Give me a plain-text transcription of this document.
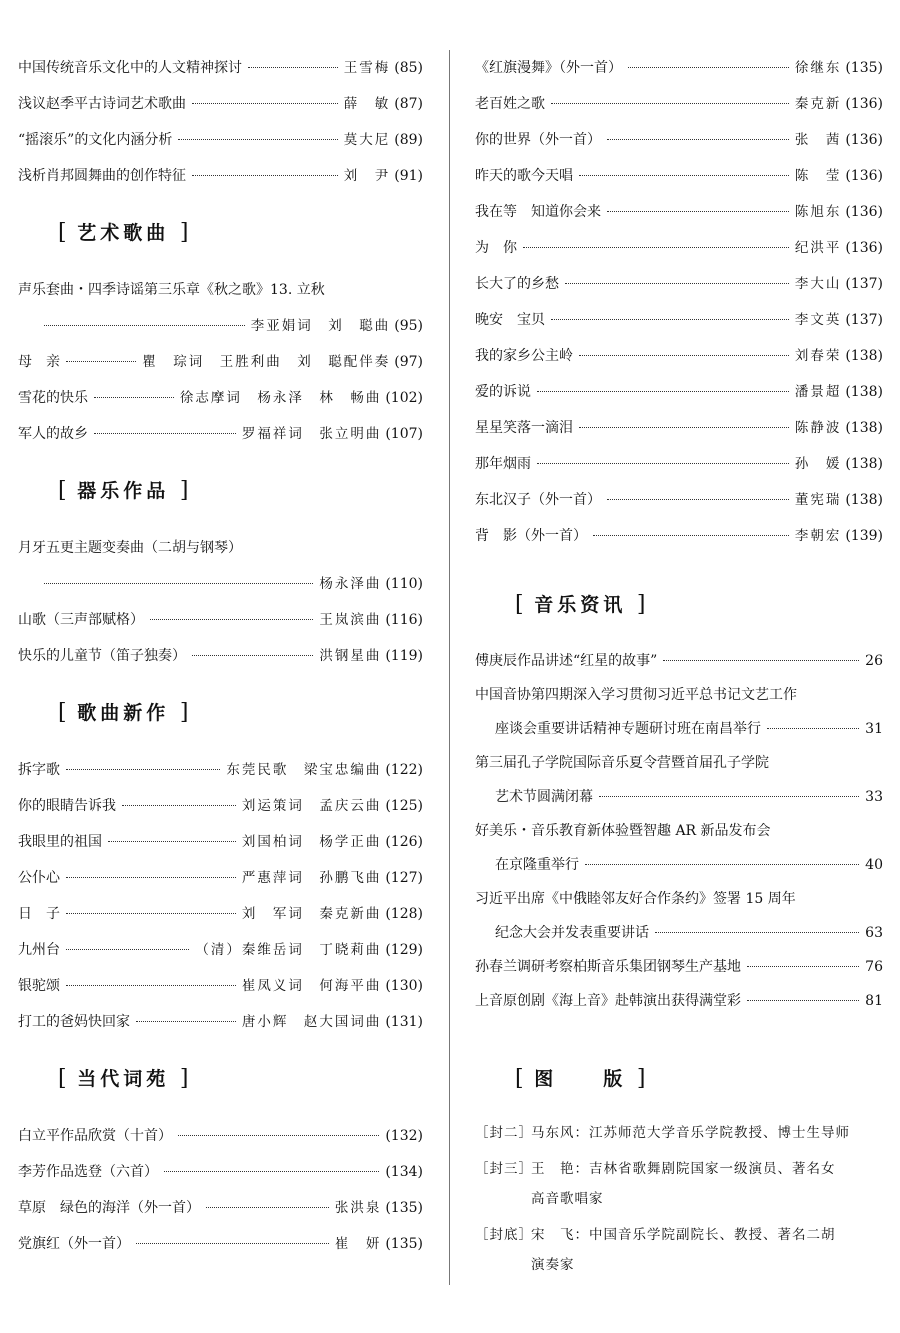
中国传统音乐文化中的人文精神探讨	王雪梅 (85)
浅议赵季平古诗词艺术歌曲	薛　敏 (87)
“摇滚乐”的文化内涵分析	莫大尼 (89)
浅析肖邦圆舞曲的创作特征	刘　尹 (91)
[ 艺术歌曲 ]
声乐套曲・四季诗谣第三乐章《秋之歌》13. 立秋
李亚娟词　刘　聪曲 (95)
母　亲	瞿　琮词　王胜利曲　刘　聪配伴奏 (97)
雪花的快乐	徐志摩词　杨永泽　林　畅曲 (102)
军人的故乡	罗福祥词　张立明曲 (107)
[ 器乐作品 ]
月牙五更主题变奏曲（二胡与钢琴）
杨永泽曲 (110)
山歌（三声部赋格）	王岚滨曲 (116)
快乐的儿童节（笛子独奏）	洪钢星曲 (119)
[ 歌曲新作 ]
拆字歌	东莞民歌　梁宝忠编曲 (122)
你的眼睛告诉我	刘运策词　孟庆云曲 (125)
我眼里的祖国	刘国柏词　杨学正曲 (126)
公仆心	严惠萍词　孙鹏飞曲 (127)
日　子	刘　军词　秦克新曲 (128)
九州台	（清）秦维岳词　丁晓莉曲 (129)
银驼颂	崔凤义词　何海平曲 (130)
打工的爸妈快回家	唐小辉　赵大国词曲 (131)
[ 当代词苑 ]
白立平作品欣赏（十首）	(132)
李芳作品选登（六首）	(134)
草原　绿色的海洋（外一首）	张洪泉 (135)
党旗红（外一首）	崔　妍 (135)
《红旗漫舞》（外一首）	徐继东 (135)
老百姓之歌	秦克新 (136)
你的世界（外一首）	张　茜 (136)
昨天的歌今天唱	陈　莹 (136)
我在等　知道你会来	陈旭东 (136)
为　你	纪洪平 (136)
长大了的乡愁	李大山 (137)
晚安　宝贝	李文英 (137)
我的家乡公主岭	刘春荣 (138)
爱的诉说	潘景超 (138)
星星笑落一滴泪	陈静波 (138)
那年烟雨	孙　媛 (138)
东北汉子（外一首）	董宪瑞 (138)
背　影（外一首）	李朝宏 (139)
[ 音乐资讯 ]
傅庚辰作品讲述“红星的故事”	26
中国音协第四期深入学习贯彻习近平总书记文艺工作
座谈会重要讲话精神专题研讨班在南昌举行	31
第三届孔子学院国际音乐夏令营暨首届孔子学院
艺术节圆满闭幕	33
好美乐・音乐教育新体验暨智趣 AR 新品发布会
在京隆重举行	40
习近平出席《中俄睦邻友好合作条约》签署 15 周年
纪念大会并发表重要讲话	63
孙春兰调研考察柏斯音乐集团钢琴生产基地	76
上音原创剧《海上音》赴韩演出获得满堂彩	81
[ 图　　版 ]
［封二］
马东风：江苏师范大学音乐学院教授、博士生导师
［封三］
王　艳：吉林省歌舞剧院国家一级演员、著名女
高音歌唱家
［封底］
宋　飞：中国音乐学院副院长、教授、著名二胡
演奏家
